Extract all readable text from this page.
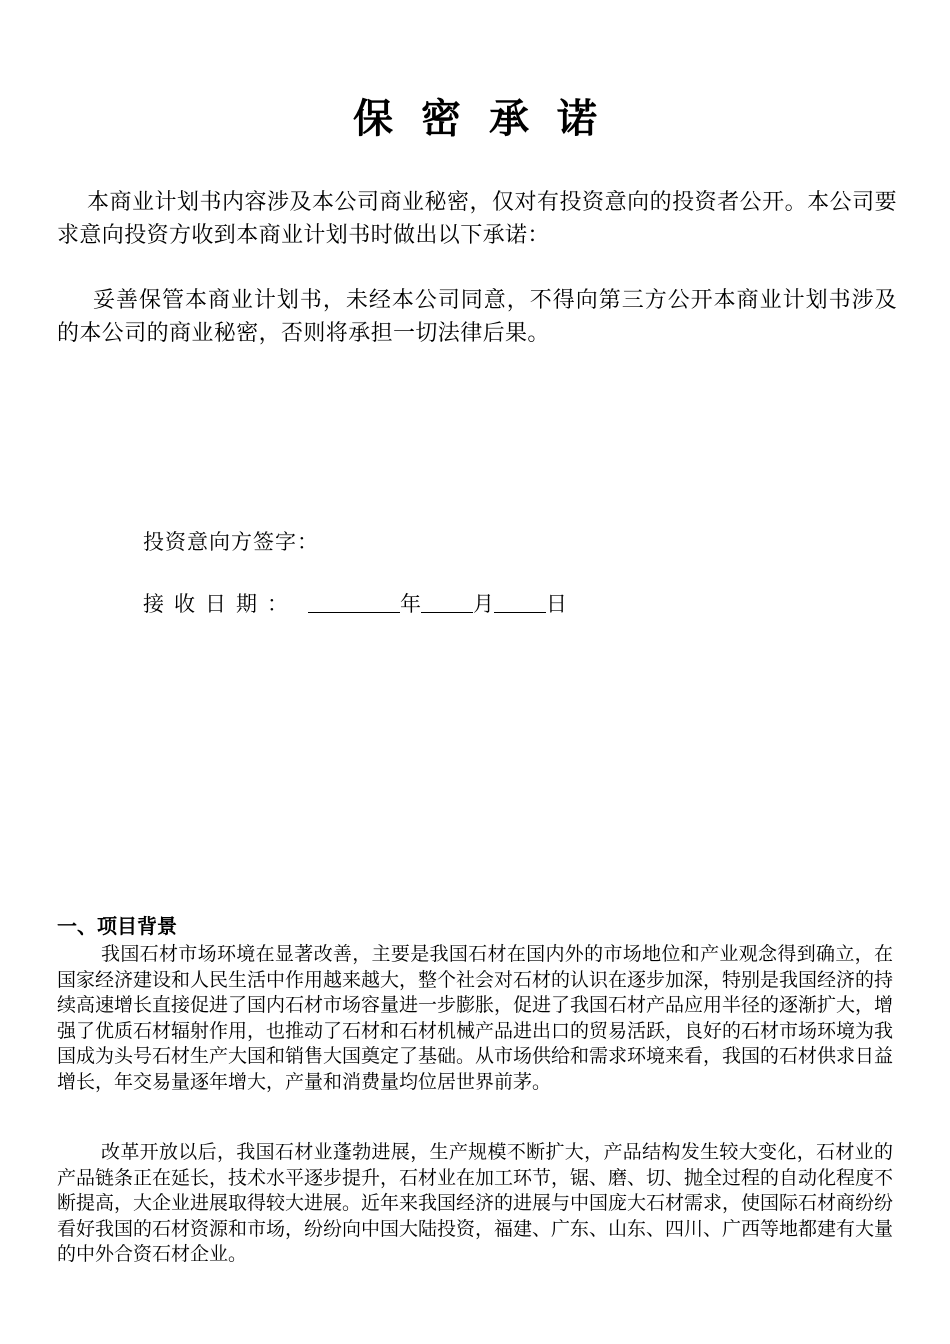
保密承诺

本商业计划书内容涉及本公司商业秘密，仅对有投资意向的投资者公开。本公司要求意向投资方收到本商业计划书时做出以下承诺：

妥善保管本商业计划书，未经本公司同意，不得向第三方公开本商业计划书涉及的本公司的商业秘密，否则将承担一切法律后果。

投资意向方签字：
接收日期：	年 月 日
一、项目背景

我国石材市场环境在显著改善，主要是我国石材在国内外的市场地位和产业观念得到确立，在国家经济建设和人民生活中作用越来越大，整个社会对石材的认识在逐步加深，特别是我国经济的持续高速增长直接促进了国内石材市场容量进一步膨胀，促进了我国石材产品应用半径的逐渐扩大，增强了优质石材辐射作用，也推动了石材和石材机械产品进出口的贸易活跃，良好的石材市场环境为我国成为头号石材生产大国和销售大国奠定了基础。从市场供给和需求环境来看，我国的石材供求日益增长，年交易量逐年增大，产量和消费量均位居世界前茅。

改革开放以后，我国石材业蓬勃进展，生产规模不断扩大，产品结构发生较大变化，石材业的产品链条正在延长，技术水平逐步提升，石材业在加工环节，锯、磨、切、抛全过程的自动化程度不断提高，大企业进展取得较大进展。近年来我国经济的进展与中国庞大石材需求，使国际石材商纷纷看好我国的石材资源和市场，纷纷向中国大陆投资，福建、广东、山东、四川、广西等地都建有大量的中外合资石材企业。
